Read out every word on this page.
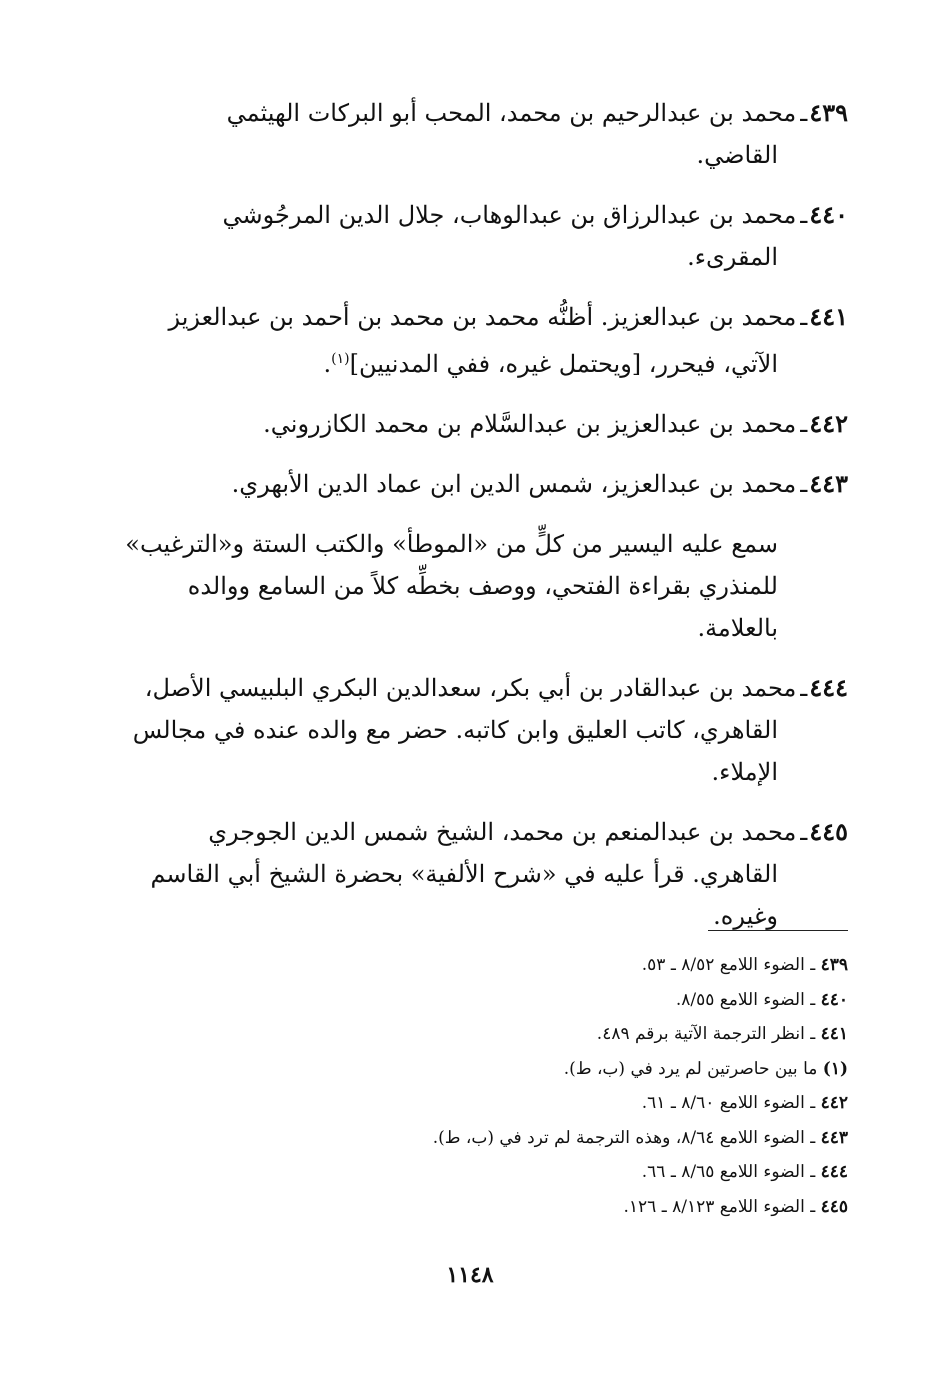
٤٣٩ـمحمد بن عبدالرحيم بن محمد، المحب أبو البركات الهيثمي
القاضي.
٤٤٠ـمحمد بن عبدالرزاق بن عبدالوهاب، جلال الدين المرجُوشي
المقرىء.
٤٤١ـمحمد بن عبدالعزيز. أظنُّه محمد بن محمد بن أحمد بن عبدالعزيز
الآتي، فيحرر، [ويحتمل غيره، ففي المدنيين]$^{(١)}$.
٤٤٢ـمحمد بن عبدالعزيز بن عبدالسَّلام بن محمد الكازروني.
٤٤٣ـمحمد بن عبدالعزيز، شمس الدين ابن عماد الدين الأبهري.
سمع عليه اليسير من كلٍّ من «الموطأ» والكتب الستة و«الترغيب»
للمنذري بقراءة الفتحي، ووصف بخطِّه كلاً من السامع ووالده
بالعلامة.
٤٤٤ـمحمد بن عبدالقادر بن أبي بكر، سعدالدين البكري البلبيسي الأصل،
القاهري، كاتب العليق وابن كاتبه. حضر مع والده عنده في مجالس
الإملاء.
٤٤٥ـمحمد بن عبدالمنعم بن محمد، الشيخ شمس الدين الجوجري
القاهري. قرأ عليه في «شرح الألفية» بحضرة الشيخ أبي القاسم
وغيره.
٤٣٩ ـ الضوء اللامع ٨/٥٢ ـ ٥٣.
٤٤٠ ـ الضوء اللامع ٨/٥٥.
٤٤١ ـ انظر الترجمة الآتية برقم ٤٨٩.
(١) ما بين حاصرتين لم يرد في (ب، ط).
٤٤٢ ـ الضوء اللامع ٨/٦٠ ـ ٦١.
٤٤٣ ـ الضوء اللامع ٨/٦٤، وهذه الترجمة لم ترد في (ب، ط).
٤٤٤ ـ الضوء اللامع ٨/٦٥ ـ ٦٦.
٤٤٥ ـ الضوء اللامع ٨/١٢٣ ـ ١٢٦.
١١٤٨
